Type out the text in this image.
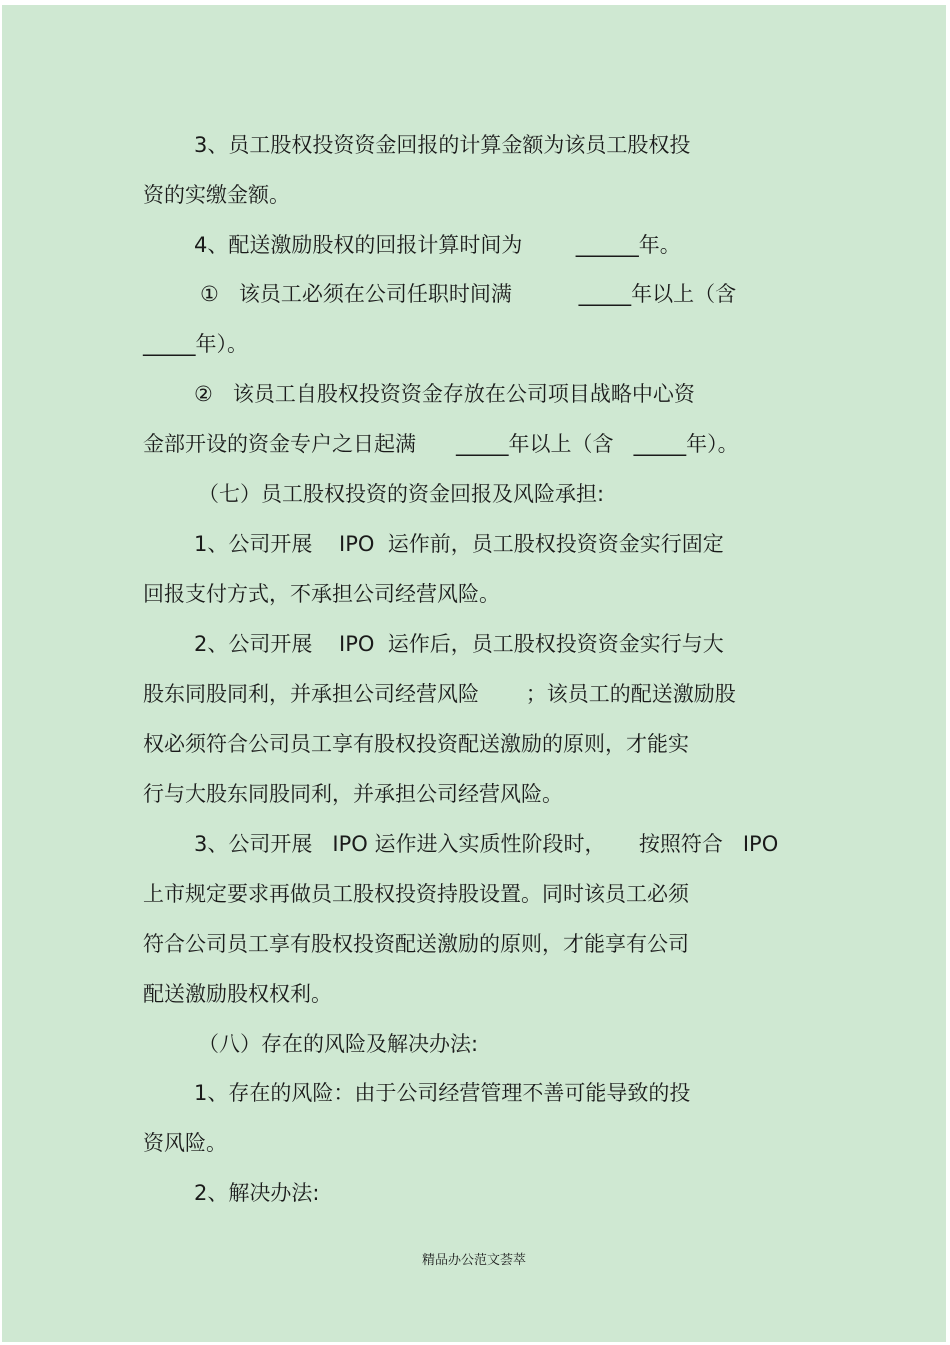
3、员工股权投资资金回报的计算金额为该员工股权投
资的实缴金额。
4、配送激励股权的回报计算时间为        ______年。
①   该员工必须在公司任职时间满          _____年以上（含
_____年）。
②   该员工自股权投资资金存放在公司项目战略中心资
金部开设的资金专户之日起满      _____年以上（含   _____年）。
（七）员工股权投资的资金回报及风险承担:
1、公司开展    IPO  运作前，员工股权投资资金实行固定
回报支付方式，不承担公司经营风险。
2、公司开展    IPO  运作后，员工股权投资资金实行与大
股东同股同利，并承担公司经营风险       ；该员工的配送激励股
权必须符合公司员工享有股权投资配送激励的原则，才能实
行与大股东同股同利，并承担公司经营风险。
3、公司开展   IPO 运作进入实质性阶段时，     按照符合   IPO
上市规定要求再做员工股权投资持股设置。同时该员工必须
符合公司员工享有股权投资配送激励的原则，才能享有公司
配送激励股权权利。
（八）存在的风险及解决办法:
1、存在的风险：由于公司经营管理不善可能导致的投
资风险。
2、解决办法:
精品办公范文荟萃
